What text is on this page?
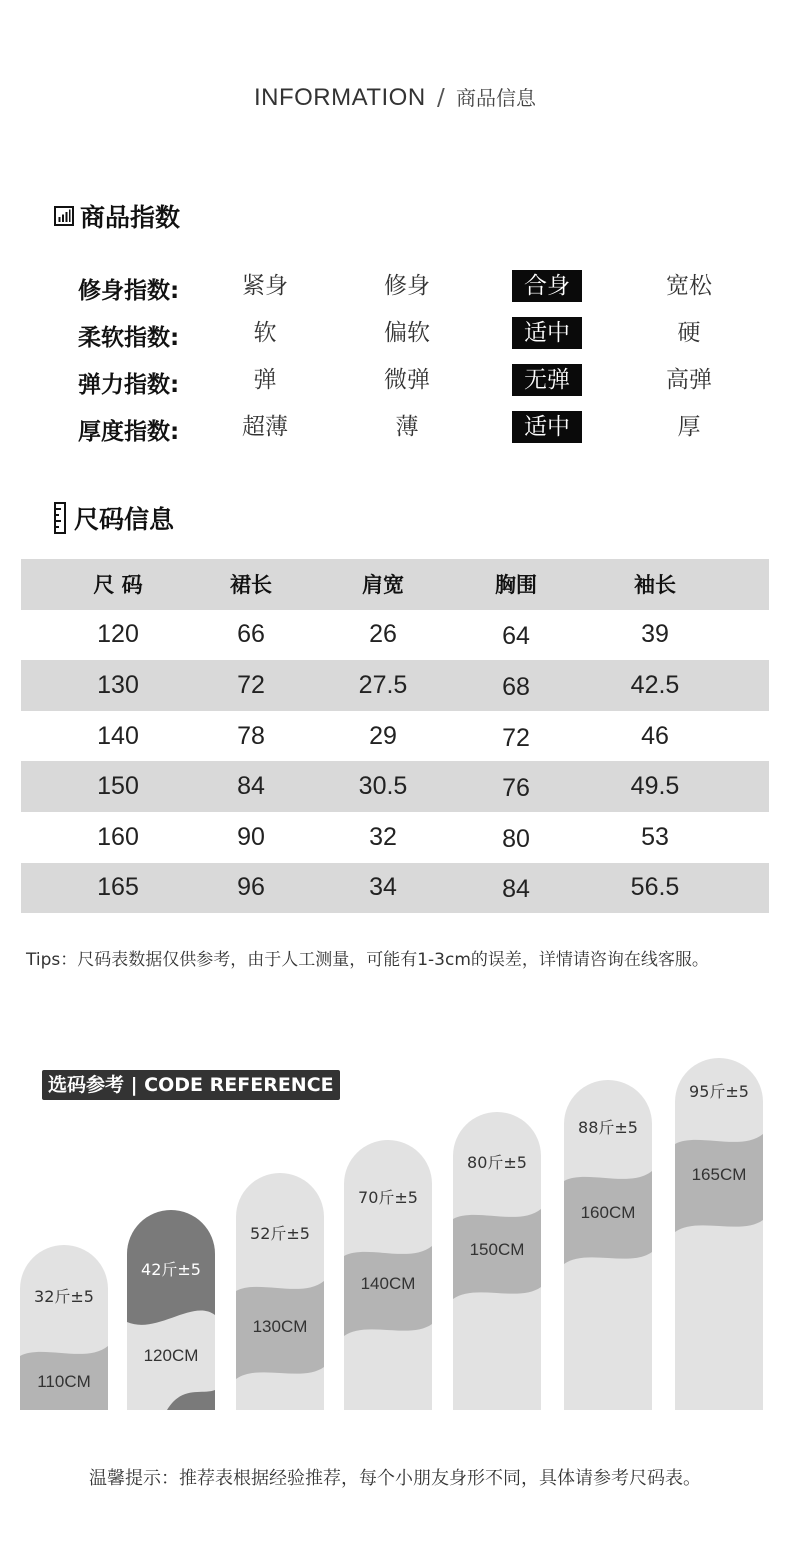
INFORMATION / 商品信息
商品指数
修身指数:	紧身	修身	合身	宽松
柔软指数:	软	偏软	适中	硬
弹力指数:	弹	微弹	无弹	高弹
厚度指数:	超薄	薄	适中	厚
尺码信息
尺 码	裙长	肩宽	胸围	袖长
120	66	26	64	39
130	72	27.5	68	42.5
140	78	29	72	46
150	84	30.5	76	49.5
160	90	32	80	53
165	96	34	84	56.5
Tips：尺码表数据仅供参考，由于人工测量，可能有1-3cm的误差，详情请咨询在线客服。
32斤±5
110CM
42斤±5
120CM
52斤±5
130CM
70斤±5
140CM
80斤±5
150CM
88斤±5
160CM
95斤±5
165CM
选码参考 | CODE REFERENCE
温馨提示：推荐表根据经验推荐，每个小朋友身形不同，具体请参考尺码表。
